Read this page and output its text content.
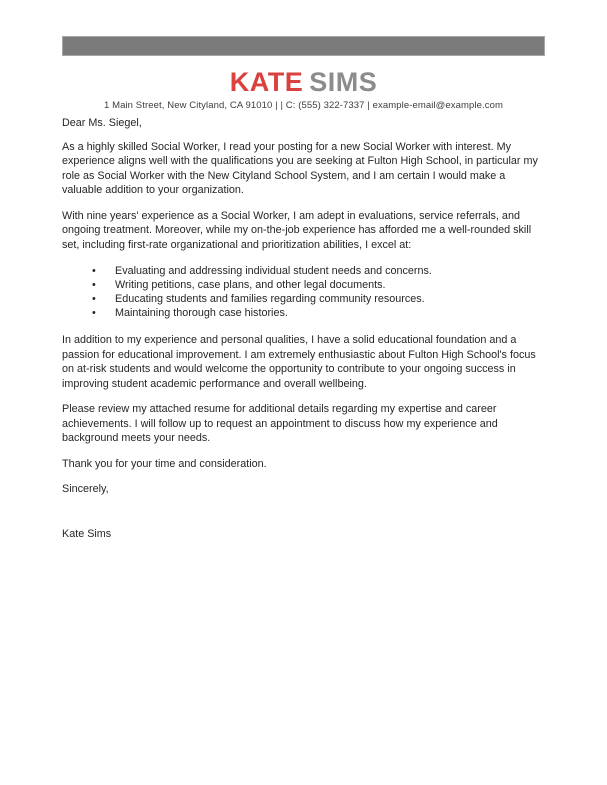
KATE SIMS
1 Main Street, New Cityland, CA 91010 | | C: (555) 322-7337 | example-email@example.com

Dear Ms. Siegel,

As a highly skilled Social Worker, I read your posting for a new Social Worker with interest. My experience aligns well with the qualifications you are seeking at Fulton High School, in particular my role as Social Worker with the New Cityland School System, and I am certain I would make a valuable addition to your organization.

With nine years' experience as a Social Worker, I am adept in evaluations, service referrals, and ongoing treatment. Moreover, while my on-the-job experience has afforded me a well-rounded skill set, including first-rate organizational and prioritization abilities, I excel at:

• Evaluating and addressing individual student needs and concerns.
• Writing petitions, case plans, and other legal documents.
• Educating students and families regarding community resources.
• Maintaining thorough case histories.

In addition to my experience and personal qualities, I have a solid educational foundation and a passion for educational improvement. I am extremely enthusiastic about Fulton High School's focus on at-risk students and would welcome the opportunity to contribute to your ongoing success in improving student academic performance and overall wellbeing.

Please review my attached resume for additional details regarding my expertise and career achievements. I will follow up to request an appointment to discuss how my experience and background meets your needs.

Thank you for your time and consideration.

Sincerely,

Kate Sims
